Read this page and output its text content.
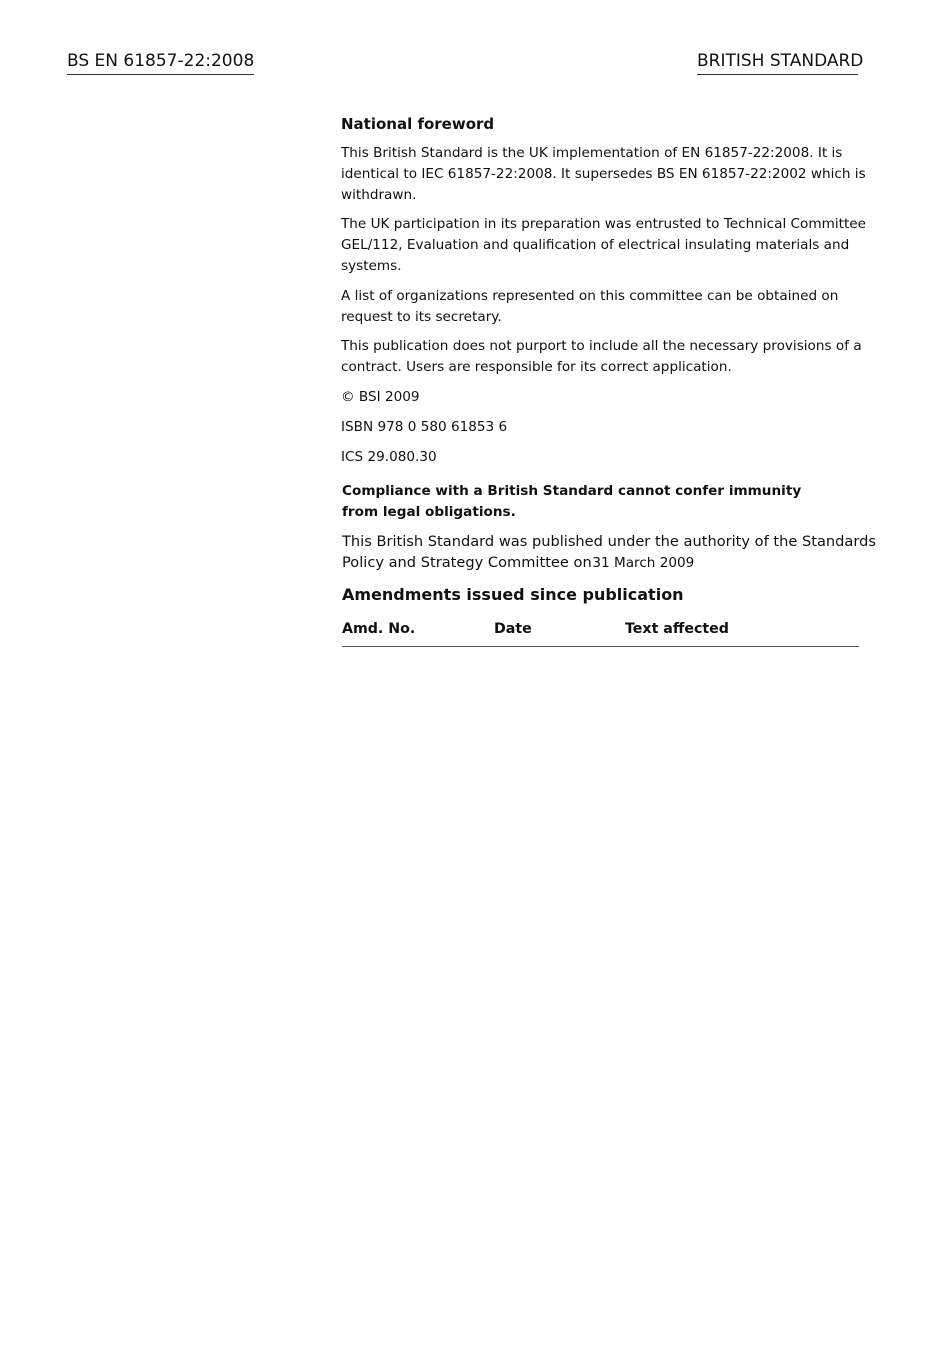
BS EN 61857-22:2008	BRITISH STANDARD
National foreword
This British Standard is the UK implementation of EN 61857-22:2008. It is identical to IEC 61857-22:2008. It supersedes BS EN 61857-22:2002 which is withdrawn.
The UK participation in its preparation was entrusted to Technical Committee GEL/112, Evaluation and qualification of electrical insulating materials and systems.
A list of organizations represented on this committee can be obtained on request to its secretary.
This publication does not purport to include all the necessary provisions of a contract. Users are responsible for its correct application.
© BSI 2009
ISBN 978 0 580 61853 6
ICS 29.080.30
Compliance with a British Standard cannot confer immunity from legal obligations.
This British Standard was published under the authority of the Standards Policy and Strategy Committee on 31 March 2009
Amendments issued since publication
Amd. No.	Date	Text affected
